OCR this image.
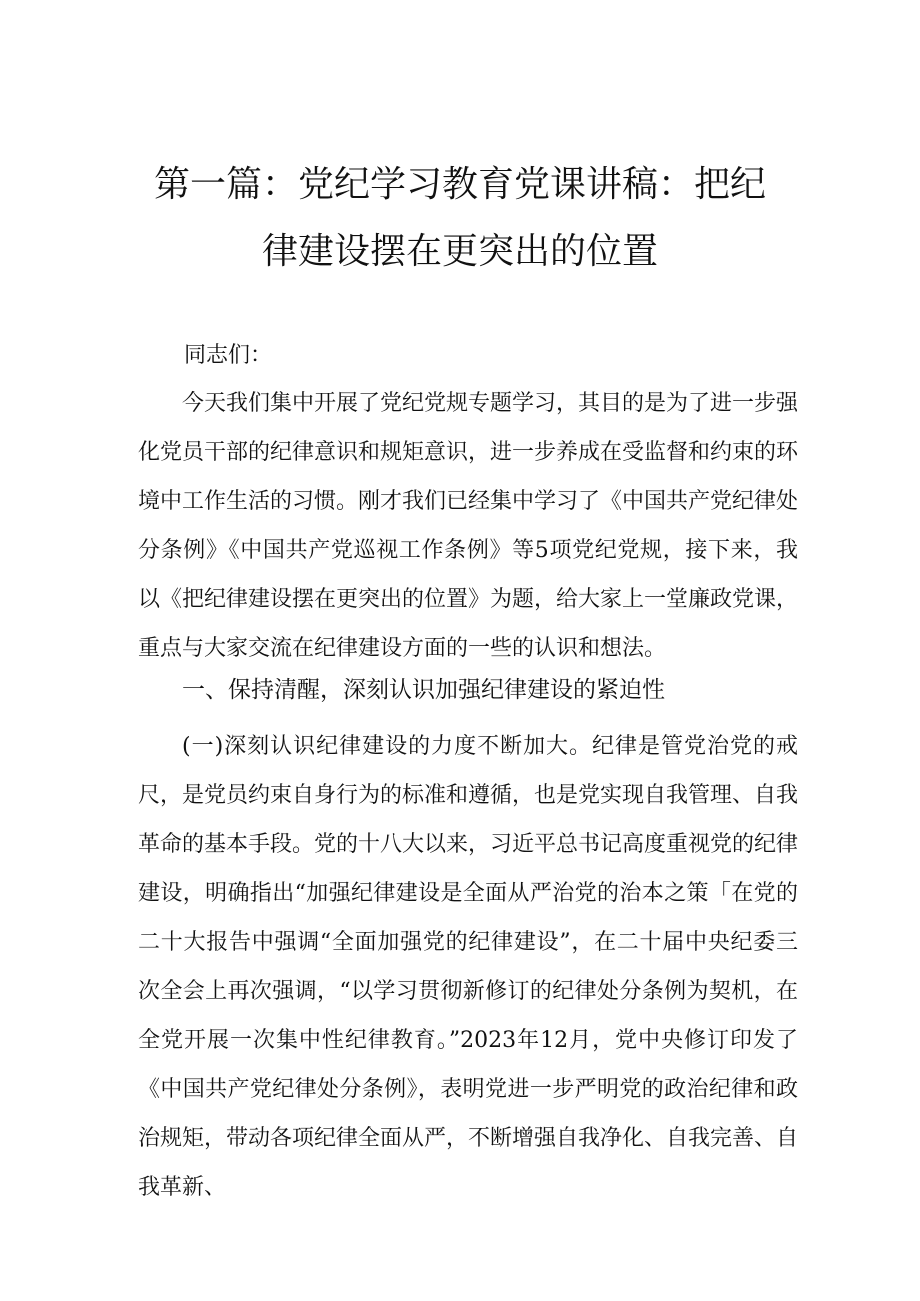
第一篇：党纪学习教育党课讲稿：把纪
律建设摆在更突出的位置
同志们：

今天我们集中开展了党纪党规专题学习，其目的是为了进一步强化党员干部的纪律意识和规矩意识，进一步养成在受监督和约束的环境中工作生活的习惯。刚才我们已经集中学习了《中国共产党纪律处分条例》《中国共产党巡视工作条例》等5项党纪党规，接下来，我以《把纪律建设摆在更突出的位置》为题，给大家上一堂廉政党课，重点与大家交流在纪律建设方面的一些的认识和想法。

一、保持清醒，深刻认识加强纪律建设的紧迫性

(一)深刻认识纪律建设的力度不断加大。纪律是管党治党的戒尺，是党员约束自身行为的标准和遵循，也是党实现自我管理、自我革命的基本手段。党的十八大以来，习近平总书记高度重视党的纪律建设，明确指出“加强纪律建设是全面从严治党的治本之策「在党的二十大报告中强调“全面加强党的纪律建设”，在二十届中央纪委三次全会上再次强调，“以学习贯彻新修订的纪律处分条例为契机，在全党开展一次集中性纪律教育。”2023年12月，党中央修订印发了《中国共产党纪律处分条例》，表明党进一步严明党的政治纪律和政治规矩，带动各项纪律全面从严，不断增强自我净化、自我完善、自我革新、
